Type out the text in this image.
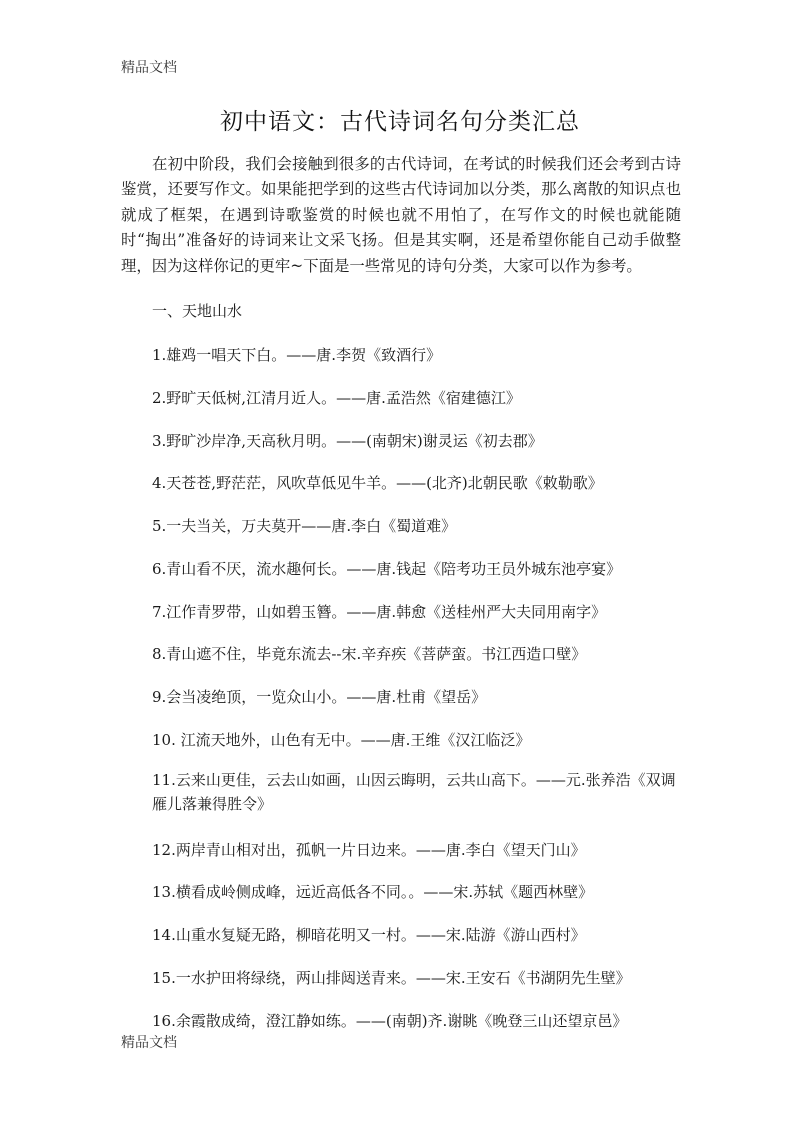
精品文档
初中语文：古代诗词名句分类汇总

在初中阶段，我们会接触到很多的古代诗词，在考试的时候我们还会考到古诗鉴赏，还要写作文。如果能把学到的这些古代诗词加以分类，那么离散的知识点也就成了框架，在遇到诗歌鉴赏的时候也就不用怕了，在写作文的时候也就能随时“掏出”准备好的诗词来让文采飞扬。但是其实啊，还是希望你能自己动手做整理，因为这样你记的更牢~下面是一些常见的诗句分类，大家可以作为参考。

一、天地山水
1.雄鸡一唱天下白。——唐.李贺《致酒行》
2.野旷天低树,江清月近人。——唐.孟浩然《宿建德江》
3.野旷沙岸净,天高秋月明。——(南朝宋)谢灵运《初去郡》
4.天苍苍,野茫茫，风吹草低见牛羊。——(北齐)北朝民歌《敕勒歌》
5.一夫当关，万夫莫开——唐.李白《蜀道难》
6.青山看不厌，流水趣何长。——唐.钱起《陪考功王员外城东池亭宴》
7.江作青罗带，山如碧玉簪。——唐.韩愈《送桂州严大夫同用南字》
8.青山遮不住，毕竟东流去--宋.辛弃疾《菩萨蛮。书江西造口壁》
9.会当凌绝顶，一览众山小。——唐.杜甫《望岳》
10. 江流天地外，山色有无中。——唐.王维《汉江临泛》
11.云来山更佳，云去山如画，山因云晦明，云共山高下。——元.张养浩《双调雁儿落兼得胜令》
12.两岸青山相对出，孤帆一片日边来。——唐.李白《望天门山》
13.横看成岭侧成峰，远近高低各不同。。——宋.苏轼《题西林壁》
14.山重水复疑无路，柳暗花明又一村。——宋.陆游《游山西村》
15.一水护田将绿绕，两山排闼送青来。——宋.王安石《书湖阴先生壁》
16.余霞散成绮，澄江静如练。——(南朝)齐.谢眺《晚登三山还望京邑》
精品文档
